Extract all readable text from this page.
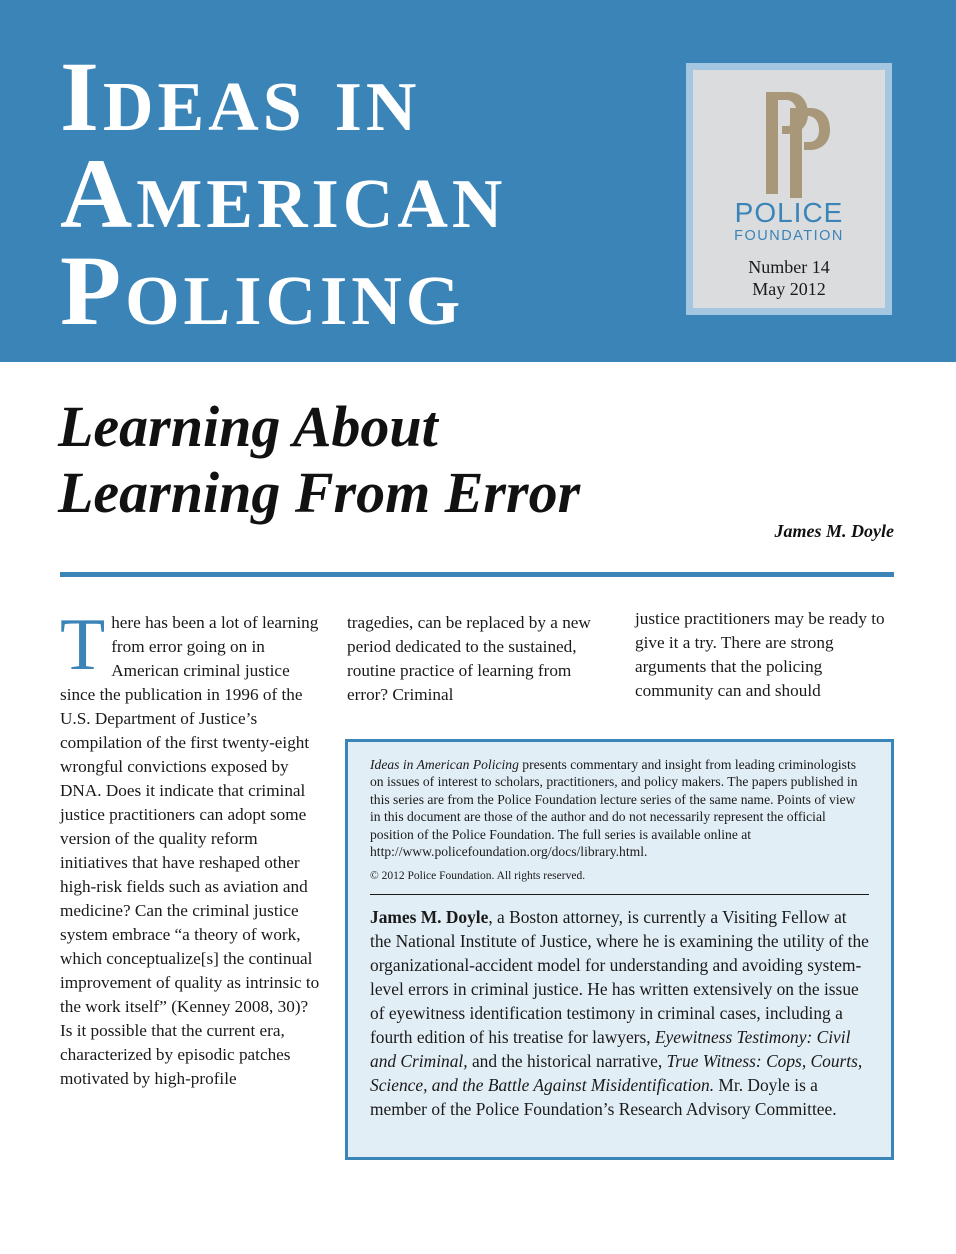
Ideas in
American
Policing
POLICE
FOUNDATION
Number 14
May 2012
Learning About
Learning From Error
James M. Doyle
There has been a lot of learning from error going on in American criminal justice since the publication in 1996 of the U.S. Department of Justice’s compilation of the first twenty-eight wrongful convictions exposed by DNA. Does it indicate that criminal justice practitioners can adopt some version of the quality reform initiatives that have reshaped other high-risk fields such as aviation and medicine? Can the criminal justice system embrace “a theory of work, which conceptualize[s] the continual improvement of quality as intrinsic to the work itself” (Kenney 2008, 30)? Is it possible that the current era, characterized by episodic patches motivated by high-profile
tragedies, can be replaced by a new period dedicated to the sustained, routine practice of learning from error? Criminal
justice practitioners may be ready to give it a try. There are strong arguments that the policing community can and should

Ideas in American Policing presents commentary and insight from leading criminologists on issues of interest to scholars, practitioners, and policy makers. The papers published in this series are from the Police Foundation lecture series of the same name. Points of view in this document are those of the author and do not necessarily represent the official position of the Police Foundation. The full series is available online at http://www.policefoundation.org/docs/library.html.

© 2012 Police Foundation. All rights reserved.

James M. Doyle, a Boston attorney, is currently a Visiting Fellow at the National Institute of Justice, where he is examining the utility of the organizational-accident model for understanding and avoiding system-level errors in criminal justice. He has written extensively on the issue of eyewitness identification testimony in criminal cases, including a fourth edition of his treatise for lawyers, Eyewitness Testimony: Civil and Criminal, and the historical narrative, True Witness: Cops, Courts, Science, and the Battle Against Misidentification. Mr. Doyle is a member of the Police Foundation’s Research Advisory Committee.
